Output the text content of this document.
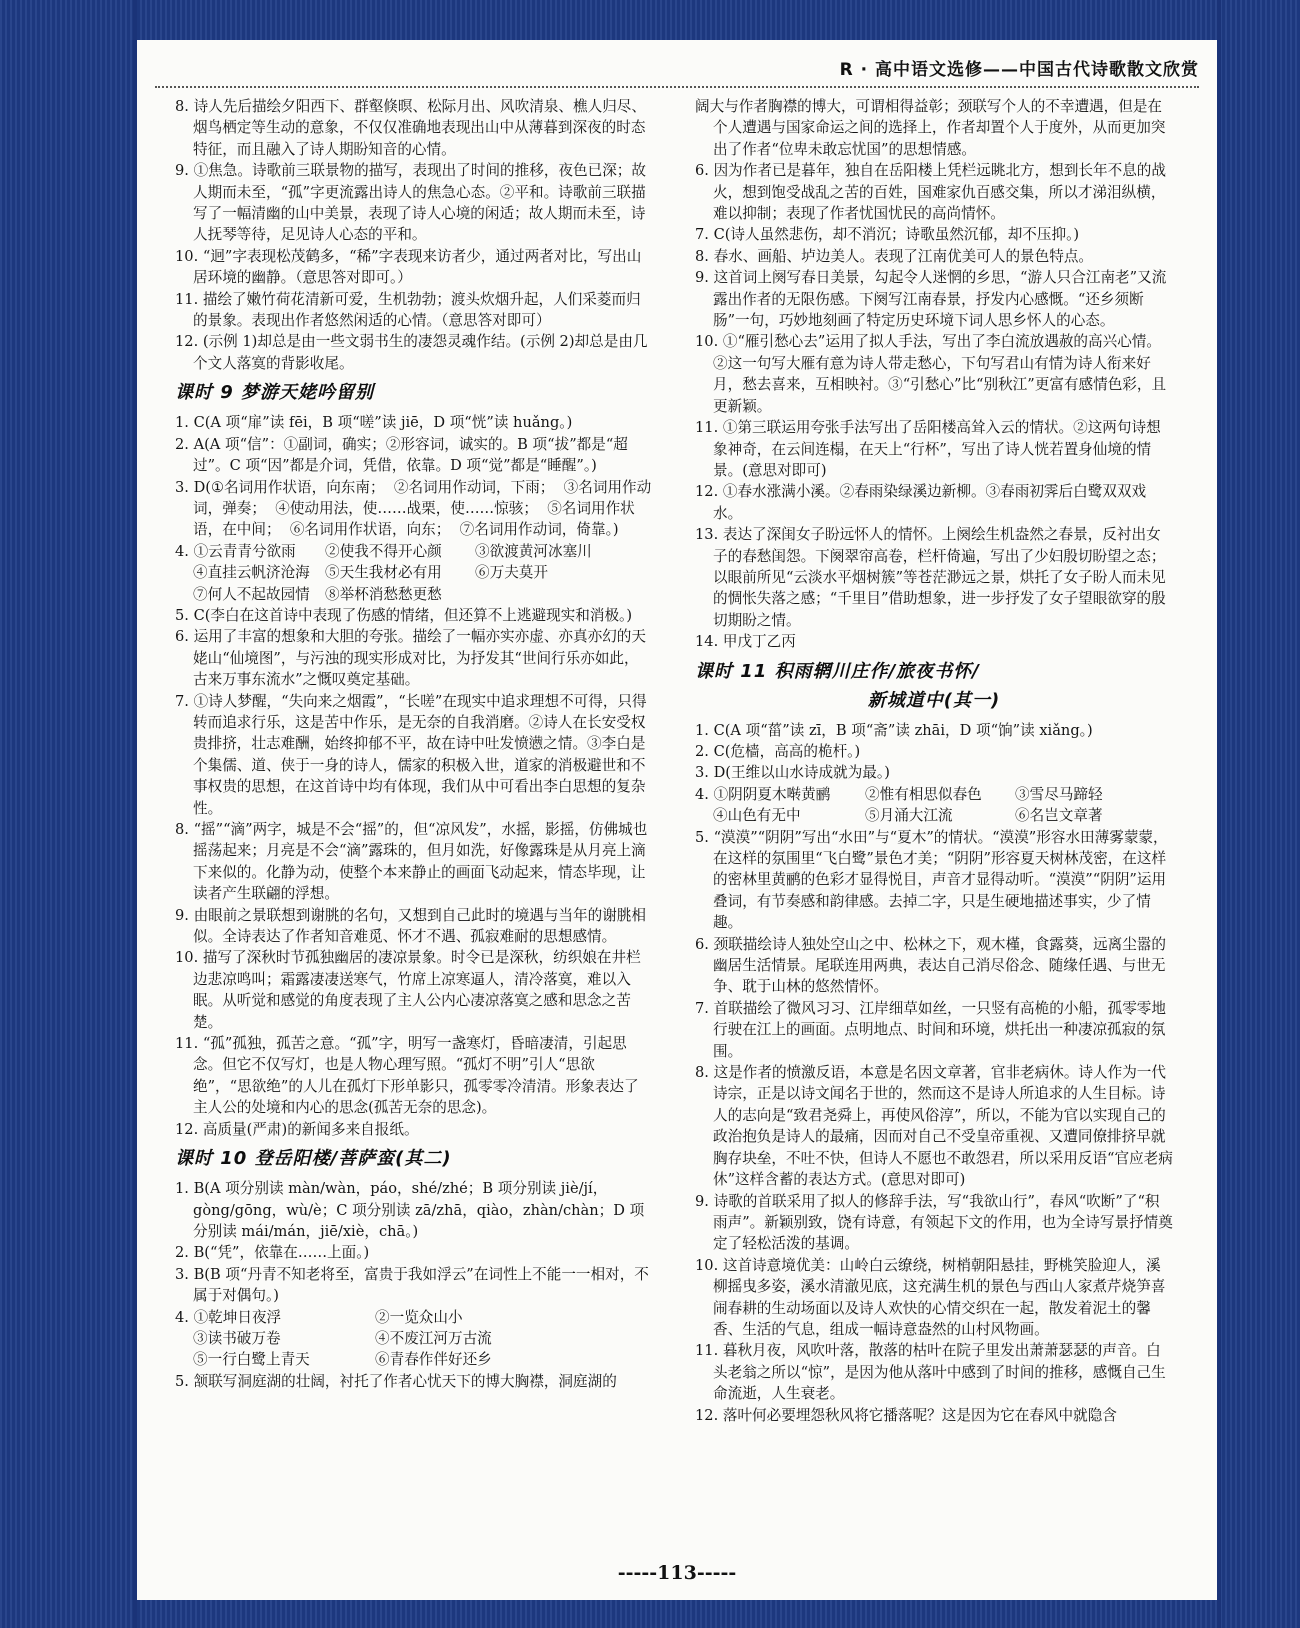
R · 高中语文选修——中国古代诗歌散文欣赏

8. 诗人先后描绘夕阳西下、群壑倏暝、松际月出、风吹清泉、樵人归尽、烟鸟栖定等生动的意象，不仅仅准确地表现出山中从薄暮到深夜的时态特征，而且融入了诗人期盼知音的心情。

9. ①焦急。诗歌前三联景物的描写，表现出了时间的推移，夜色已深；故人期而未至，“孤”字更流露出诗人的焦急心态。②平和。诗歌前三联描写了一幅清幽的山中美景，表现了诗人心境的闲适；故人期而未至，诗人抚琴等待，足见诗人心态的平和。

10. “迥”字表现松茂鹤多，“稀”字表现来访者少，通过两者对比，写出山居环境的幽静。（意思答对即可。）

11. 描绘了嫩竹荷花清新可爱，生机勃勃；渡头炊烟升起，人们采菱而归的景象。表现出作者悠然闲适的心情。（意思答对即可）

12. (示例 1)却总是由一些文弱书生的凄怨灵魂作结。(示例 2)却总是由几个文人落寞的背影收尾。

课时 9 梦游天姥吟留别

1. C(A 项“扉”读 fēi，B 项“嗟”读 jiē，D 项“恍”读 huǎng。)

2. A(A 项“信”：①副词，确实；②形容词，诚实的。B 项“拔”都是“超过”。C 项“因”都是介词，凭借，依靠。D 项“觉”都是“睡醒”。)

3. D(①名词用作状语，向东南；  ②名词用作动词，下雨；  ③名词用作动词，弹奏；  ④使动用法，使……战栗，使……惊骇；  ⑤名词用作状语，在中间；  ⑥名词用作状语，向东；  ⑦名词用作动词，倚靠。)

4. ①云青青兮欲雨	②使我不得开心颜	③欲渡黄河冰塞川
④直挂云帆济沧海	⑤天生我材必有用	⑥万夫莫开
⑦何人不起故园情	⑧举杯消愁愁更愁

5. C(李白在这首诗中表现了伤感的情绪，但还算不上逃避现实和消极。)

6. 运用了丰富的想象和大胆的夸张。描绘了一幅亦实亦虚、亦真亦幻的天姥山“仙境图”，与污浊的现实形成对比，为抒发其“世间行乐亦如此，古来万事东流水”之慨叹奠定基础。

7. ①诗人梦醒，“失向来之烟霞”，“长嗟”在现实中追求理想不可得，只得转而追求行乐，这是苦中作乐，是无奈的自我消磨。②诗人在长安受权贵排挤，壮志难酬，始终抑郁不平，故在诗中吐发愤懑之情。③李白是个集儒、道、侠于一身的诗人，儒家的积极入世，道家的消极避世和不事权贵的思想，在这首诗中均有体现，我们从中可看出李白思想的复杂性。

8. “摇”“滴”两字，城是不会“摇”的，但“凉风发”，水摇，影摇，仿佛城也摇荡起来；月亮是不会“滴”露珠的，但月如洗，好像露珠是从月亮上滴下来似的。化静为动，使整个本来静止的画面飞动起来，情态毕现，让读者产生联翩的浮想。

9. 由眼前之景联想到谢朓的名句，又想到自己此时的境遇与当年的谢朓相似。全诗表达了作者知音难觅、怀才不遇、孤寂难耐的思想感情。

10. 描写了深秋时节孤独幽居的凄凉景象。时令已是深秋，纺织娘在井栏边悲凉鸣叫；霜露凄凄送寒气，竹席上凉寒逼人，清冷落寞，难以入眠。从听觉和感觉的角度表现了主人公内心凄凉落寞之感和思念之苦楚。

11. “孤”孤独，孤苦之意。“孤”字，明写一盏寒灯，昏暗凄清，引起思念。但它不仅写灯，也是人物心理写照。“孤灯不明”引人“思欲绝”，“思欲绝”的人儿在孤灯下形单影只，孤零零冷清清。形象表达了主人公的处境和内心的思念(孤苦无奈的思念)。

12. 高质量(严肃)的新闻多来自报纸。

课时 10 登岳阳楼/菩萨蛮(其二)

1. B(A 项分别读 màn/wàn，páo，shé/zhé；B 项分别读 jiè/jí，gòng/gōng，wù/è；C 项分别读 zā/zhā，qiào，zhàn/chàn；D 项分别读 mái/mán，jiē/xiè，chā。)

2. B(“凭”，依靠在……上面。)

3. B(B 项“丹青不知老将至，富贵于我如浮云”在词性上不能一一相对，不属于对偶句。)

4. ①乾坤日夜浮	②一览众山小
③读书破万卷	④不废江河万古流
⑤一行白鹭上青天	⑥青春作伴好还乡

5. 颔联写洞庭湖的壮阔，衬托了作者心忧天下的博大胸襟，洞庭湖的

阔大与作者胸襟的博大，可谓相得益彰；颈联写个人的不幸遭遇，但是在个人遭遇与国家命运之间的选择上，作者却置个人于度外，从而更加突出了作者“位卑未敢忘忧国”的思想情感。

6. 因为作者已是暮年，独自在岳阳楼上凭栏远眺北方，想到长年不息的战火，想到饱受战乱之苦的百姓，国难家仇百感交集，所以才涕泪纵横，难以抑制；表现了作者忧国忧民的高尚情怀。

7. C(诗人虽然悲伤，却不消沉；诗歌虽然沉郁，却不压抑。)

8. 春水、画船、垆边美人。表现了江南优美可人的景色特点。

9. 这首词上阕写春日美景，勾起令人迷惘的乡思，“游人只合江南老”又流露出作者的无限伤感。下阕写江南春景，抒发内心感慨。“还乡须断肠”一句，巧妙地刻画了特定历史环境下词人思乡怀人的心态。

10. ①“雁引愁心去”运用了拟人手法，写出了李白流放遇赦的高兴心情。②这一句写大雁有意为诗人带走愁心，下句写君山有情为诗人衔来好月，愁去喜来，互相映衬。③“引愁心”比“别秋江”更富有感情色彩，且更新颖。

11. ①第三联运用夸张手法写出了岳阳楼高耸入云的情状。②这两句诗想象神奇，在云间连榻，在天上“行杯”，写出了诗人恍若置身仙境的情景。(意思对即可)

12. ①春水涨满小溪。②春雨染绿溪边新柳。③春雨初霁后白鹭双双戏水。

13. 表达了深闺女子盼远怀人的情怀。上阕绘生机盎然之春景，反衬出女子的春愁闺怨。下阕翠帘高卷，栏杆倚遍，写出了少妇殷切盼望之态；以眼前所见“云淡水平烟树簇”等苍茫渺远之景，烘托了女子盼人而未见的惆怅失落之感；“千里目”借助想象，进一步抒发了女子望眼欲穿的殷切期盼之情。

14. 甲戊丁乙丙

课时 11 积雨辋川庄作/旅夜书怀/
新城道中(其一)

1. C(A 项“菑”读 zī，B 项“斋”读 zhāi，D 项“饷”读 xiǎng。)

2. C(危樯，高高的桅杆。)

3. D(王维以山水诗成就为最。)

4. ①阴阴夏木啭黄鹂	②惟有相思似春色	③雪尽马蹄轻
④山色有无中	⑤月涌大江流	⑥名岂文章著

5. “漠漠”“阴阴”写出“水田”与“夏木”的情状。“漠漠”形容水田薄雾蒙蒙，在这样的氛围里“飞白鹭”景色才美；“阴阴”形容夏天树林茂密，在这样的密林里黄鹂的色彩才显得悦目，声音才显得动听。“漠漠”“阴阴”运用叠词，有节奏感和韵律感。去掉二字，只是生硬地描述事实，少了情趣。

6. 颈联描绘诗人独处空山之中、松林之下，观木槿，食露葵，远离尘嚣的幽居生活情景。尾联连用两典，表达自己消尽俗念、随缘任遇、与世无争、耽于山林的悠然情怀。

7. 首联描绘了微风习习、江岸细草如丝，一只竖有高桅的小船，孤零零地行驶在江上的画面。点明地点、时间和环境，烘托出一种凄凉孤寂的氛围。

8. 这是作者的愤激反语，本意是名因文章著，官非老病休。诗人作为一代诗宗，正是以诗文闻名于世的，然而这不是诗人所追求的人生目标。诗人的志向是“致君尧舜上，再使风俗淳”，所以，不能为官以实现自己的政治抱负是诗人的最痛，因而对自己不受皇帝重视、又遭同僚排挤早就胸存块垒，不吐不快，但诗人不愿也不敢怨君，所以采用反语“官应老病休”这样含蓄的表达方式。(意思对即可)

9. 诗歌的首联采用了拟人的修辞手法，写“我欲山行”，春风“吹断”了“积雨声”。新颖别致，饶有诗意，有领起下文的作用，也为全诗写景抒情奠定了轻松活泼的基调。

10. 这首诗意境优美：山岭白云缭绕，树梢朝阳悬挂，野桃笑脸迎人，溪柳摇曳多姿，溪水清澈见底，这充满生机的景色与西山人家煮芹烧笋喜闹春耕的生动场面以及诗人欢快的心情交织在一起，散发着泥土的馨香、生活的气息，组成一幅诗意盎然的山村风物画。

11. 暮秋月夜，风吹叶落，散落的枯叶在院子里发出萧萧瑟瑟的声音。白头老翁之所以“惊”，是因为他从落叶中感到了时间的推移，感慨自己生命流逝，人生衰老。

12. 落叶何必要埋怨秋风将它播落呢？这是因为它在春风中就隐含

-----113-----
